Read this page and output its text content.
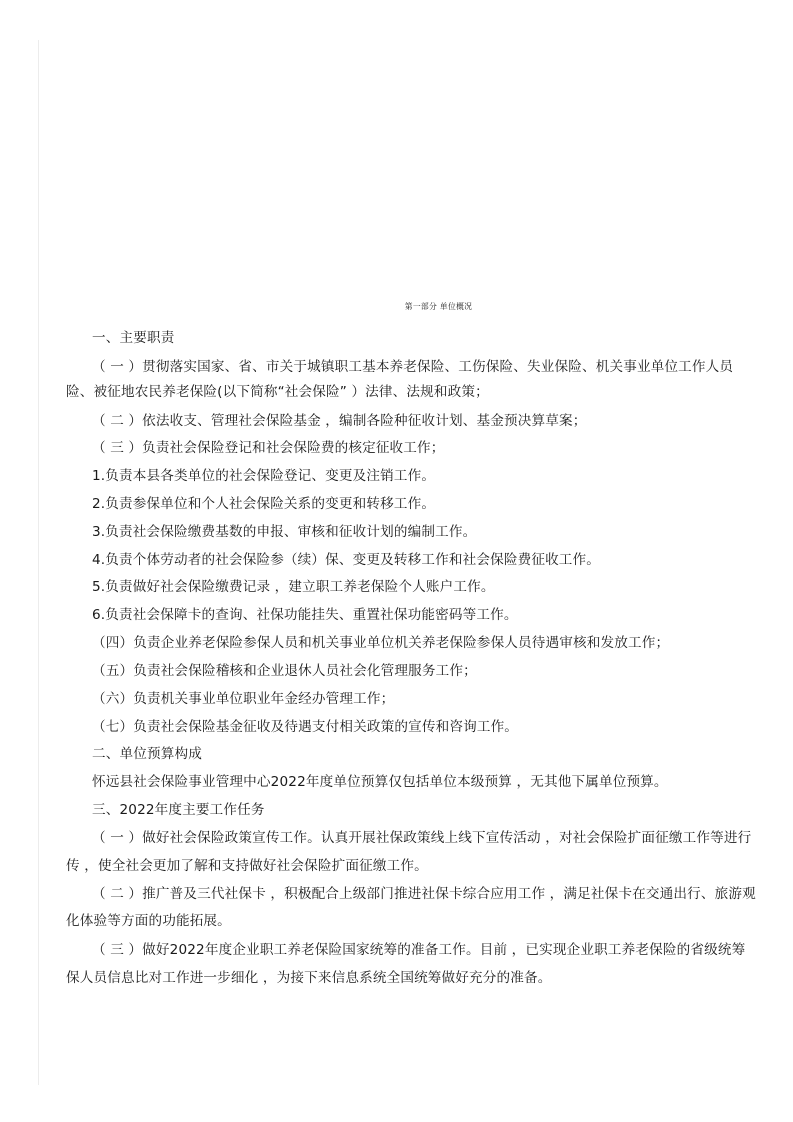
第一部分 单位概况
一、主要职责
（ 一 ）贯彻落实国家、省、市关于城镇职工基本养老保险、工伤保险、失业保险、机关事业单位工作人员
险、被征地农民养老保险(以下简称“社会保险” ）法律、法规和政策；
（ 二 ）依法收支、管理社会保险基金 ，编制各险种征收计划、基金预决算草案；
（ 三 ）负责社会保险登记和社会保险费的核定征收工作；
1.负责本县各类单位的社会保险登记、变更及注销工作。
2.负责参保单位和个人社会保险关系的变更和转移工作。
3.负责社会保险缴费基数的申报、审核和征收计划的编制工作。
4.负责个体劳动者的社会保险参（续）保、变更及转移工作和社会保险费征收工作。
5.负责做好社会保险缴费记录 ，建立职工养老保险个人账户工作。
6.负责社会保障卡的查询、社保功能挂失、重置社保功能密码等工作。
（四）负责企业养老保险参保人员和机关事业单位机关养老保险参保人员待遇审核和发放工作；
（五）负责社会保险稽核和企业退休人员社会化管理服务工作；
（六）负责机关事业单位职业年金经办管理工作；
（七）负责社会保险基金征收及待遇支付相关政策的宣传和咨询工作。
二、单位预算构成
怀远县社会保险事业管理中心2022年度单位预算仅包括单位本级预算 ，无其他下属单位预算。
三、2022年度主要工作任务
（ 一 ）做好社会保险政策宣传工作。认真开展社保政策线上线下宣传活动 ，对社会保险扩面征缴工作等进行
传 ，使全社会更加了解和支持做好社会保险扩面征缴工作。
（ 二 ）推广普及三代社保卡 ，积极配合上级部门推进社保卡综合应用工作 ，满足社保卡在交通出行、旅游观
化体验等方面的功能拓展。
（ 三 ）做好2022年度企业职工养老保险国家统筹的准备工作。目前 ，已实现企业职工养老保险的省级统筹
保人员信息比对工作进一步细化 ，为接下来信息系统全国统筹做好充分的准备。
